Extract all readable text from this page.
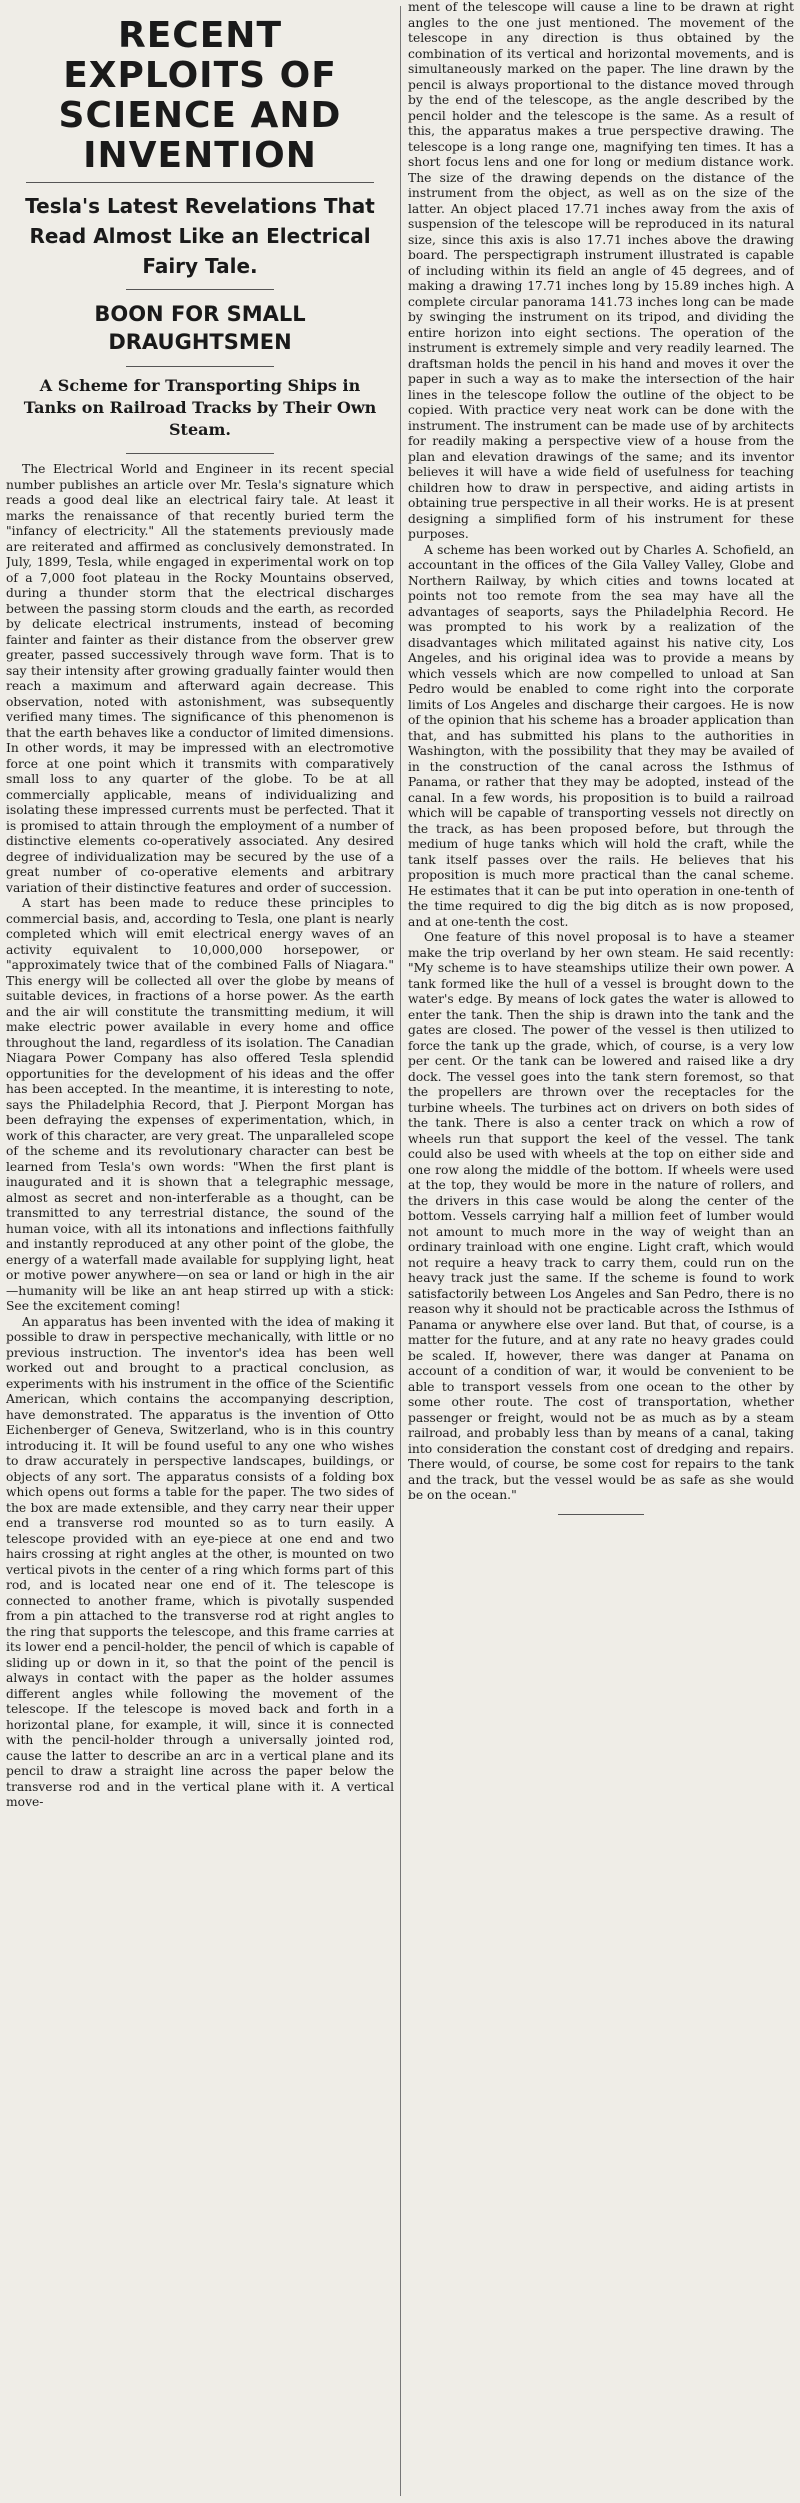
RECENT EXPLOITS OF SCIENCE AND INVENTION
Tesla's Latest Revelations That Read Almost Like an Electrical Fairy Tale.
BOON FOR SMALL DRAUGHTSMEN
A Scheme for Transporting Ships in Tanks on Railroad Tracks by Their Own Steam.

The Electrical World and Engineer in its recent special number publishes an article over Mr. Tesla's signature which reads a good deal like an electrical fairy tale. At least it marks the renaissance of that recently buried term the "infancy of electricity." All the statements previously made are reiterated and affirmed as conclusively demonstrated. In July, 1899, Tesla, while engaged in experimental work on top of a 7,000 foot plateau in the Rocky Mountains observed, during a thunder storm that the electrical discharges between the passing storm clouds and the earth, as recorded by delicate electrical instruments, instead of becoming fainter and fainter as their distance from the observer grew greater, passed successively through wave form. That is to say their intensity after growing gradually fainter would then reach a maximum and afterward again decrease. This observation, noted with astonishment, was subsequently verified many times. The significance of this phenomenon is that the earth behaves like a conductor of limited dimensions. In other words, it may be impressed with an electromotive force at one point which it transmits with comparatively small loss to any quarter of the globe. To be at all commercially applicable, means of individualizing and isolating these impressed currents must be perfected. That it is promised to attain through the employment of a number of distinctive elements co-operatively associated. Any desired degree of individualization may be secured by the use of a great number of co-operative elements and arbitrary variation of their distinctive features and order of succession.

A start has been made to reduce these principles to commercial basis, and, according to Tesla, one plant is nearly completed which will emit electrical energy waves of an activity equivalent to 10,000,000 horsepower, or "approximately twice that of the combined Falls of Niagara." This energy will be collected all over the globe by means of suitable devices, in fractions of a horse power. As the earth and the air will constitute the transmitting medium, it will make electric power available in every home and office throughout the land, regardless of its isolation. The Canadian Niagara Power Company has also offered Tesla splendid opportunities for the development of his ideas and the offer has been accepted. In the meantime, it is interesting to note, says the Philadelphia Record, that J. Pierpont Morgan has been defraying the expenses of experimentation, which, in work of this character, are very great. The unparalleled scope of the scheme and its revolutionary character can best be learned from Tesla's own words: "When the first plant is inaugurated and it is shown that a telegraphic message, almost as secret and non-interferable as a thought, can be transmitted to any terrestrial distance, the sound of the human voice, with all its intonations and inflections faithfully and instantly reproduced at any other point of the globe, the energy of a waterfall made available for supplying light, heat or motive power anywhere—on sea or land or high in the air—humanity will be like an ant heap stirred up with a stick: See the excitement coming!

An apparatus has been invented with the idea of making it possible to draw in perspective mechanically, with little or no previous instruction. The inventor's idea has been well worked out and brought to a practical conclusion, as experiments with his instrument in the office of the Scientific American, which contains the accompanying description, have demonstrated. The apparatus is the invention of Otto Eichenberger of Geneva, Switzerland, who is in this country introducing it. It will be found useful to any one who wishes to draw accurately in perspective landscapes, buildings, or objects of any sort. The apparatus consists of a folding box which opens out forms a table for the paper. The two sides of the box are made extensible, and they carry near their upper end a transverse rod mounted so as to turn easily. A telescope provided with an eye-piece at one end and two hairs crossing at right angles at the other, is mounted on two vertical pivots in the center of a ring which forms part of this rod, and is located near one end of it. The telescope is connected to another frame, which is pivotally suspended from a pin attached to the transverse rod at right angles to the ring that supports the telescope, and this frame carries at its lower end a pencil-holder, the pencil of which is capable of sliding up or down in it, so that the point of the pencil is always in contact with the paper as the holder assumes different angles while following the movement of the telescope. If the telescope is moved back and forth in a horizontal plane, for example, it will, since it is connected with the pencil-holder through a universally jointed rod, cause the latter to describe an arc in a vertical plane and its pencil to draw a straight line across the paper below the transverse rod and in the vertical plane with it. A vertical move-

ment of the telescope will cause a line to be drawn at right angles to the one just mentioned. The movement of the telescope in any direction is thus obtained by the combination of its vertical and horizontal movements, and is simultaneously marked on the paper. The line drawn by the pencil is always proportional to the distance moved through by the end of the telescope, as the angle described by the pencil holder and the telescope is the same. As a result of this, the apparatus makes a true perspective drawing. The telescope is a long range one, magnifying ten times. It has a short focus lens and one for long or medium distance work. The size of the drawing depends on the distance of the instrument from the object, as well as on the size of the latter. An object placed 17.71 inches away from the axis of suspension of the telescope will be reproduced in its natural size, since this axis is also 17.71 inches above the drawing board. The perspectigraph instrument illustrated is capable of including within its field an angle of 45 degrees, and of making a drawing 17.71 inches long by 15.89 inches high. A complete circular panorama 141.73 inches long can be made by swinging the instrument on its tripod, and dividing the entire horizon into eight sections. The operation of the instrument is extremely simple and very readily learned. The draftsman holds the pencil in his hand and moves it over the paper in such a way as to make the intersection of the hair lines in the telescope follow the outline of the object to be copied. With practice very neat work can be done with the instrument. The instrument can be made use of by architects for readily making a perspective view of a house from the plan and elevation drawings of the same; and its inventor believes it will have a wide field of usefulness for teaching children how to draw in perspective, and aiding artists in obtaining true perspective in all their works. He is at present designing a simplified form of his instrument for these purposes.

A scheme has been worked out by Charles A. Schofield, an accountant in the offices of the Gila Valley Valley, Globe and Northern Railway, by which cities and towns located at points not too remote from the sea may have all the advantages of seaports, says the Philadelphia Record. He was prompted to his work by a realization of the disadvantages which militated against his native city, Los Angeles, and his original idea was to provide a means by which vessels which are now compelled to unload at San Pedro would be enabled to come right into the corporate limits of Los Angeles and discharge their cargoes. He is now of the opinion that his scheme has a broader application than that, and has submitted his plans to the authorities in Washington, with the possibility that they may be availed of in the construction of the canal across the Isthmus of Panama, or rather that they may be adopted, instead of the canal. In a few words, his proposition is to build a railroad which will be capable of transporting vessels not directly on the track, as has been proposed before, but through the medium of huge tanks which will hold the craft, while the tank itself passes over the rails. He believes that his proposition is much more practical than the canal scheme. He estimates that it can be put into operation in one-tenth of the time required to dig the big ditch as is now proposed, and at one-tenth the cost.

One feature of this novel proposal is to have a steamer make the trip overland by her own steam. He said recently: "My scheme is to have steamships utilize their own power. A tank formed like the hull of a vessel is brought down to the water's edge. By means of lock gates the water is allowed to enter the tank. Then the ship is drawn into the tank and the gates are closed. The power of the vessel is then utilized to force the tank up the grade, which, of course, is a very low per cent. Or the tank can be lowered and raised like a dry dock. The vessel goes into the tank stern foremost, so that the propellers are thrown over the receptacles for the turbine wheels. The turbines act on drivers on both sides of the tank. There is also a center track on which a row of wheels run that support the keel of the vessel. The tank could also be used with wheels at the top on either side and one row along the middle of the bottom. If wheels were used at the top, they would be more in the nature of rollers, and the drivers in this case would be along the center of the bottom. Vessels carrying half a million feet of lumber would not amount to much more in the way of weight than an ordinary trainload with one engine. Light craft, which would not require a heavy track to carry them, could run on the heavy track just the same. If the scheme is found to work satisfactorily between Los Angeles and San Pedro, there is no reason why it should not be practicable across the Isthmus of Panama or anywhere else over land. But that, of course, is a matter for the future, and at any rate no heavy grades could be scaled. If, however, there was danger at Panama on account of a condition of war, it would be convenient to be able to transport vessels from one ocean to the other by some other route. The cost of transportation, whether passenger or freight, would not be as much as by a steam railroad, and probably less than by means of a canal, taking into consideration the constant cost of dredging and repairs. There would, of course, be some cost for repairs to the tank and the track, but the vessel would be as safe as she would be on the ocean."
